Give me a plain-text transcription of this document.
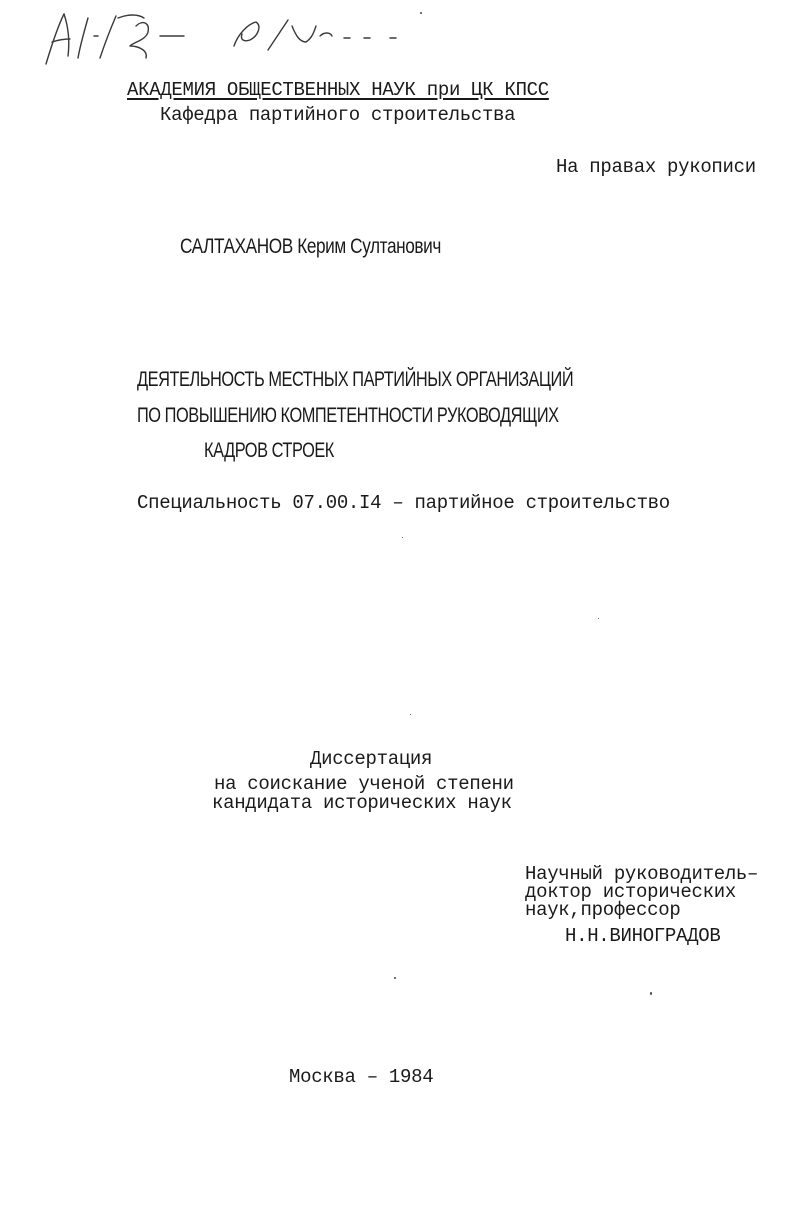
АКАДЕМИЯ ОБЩЕСТВЕННЫХ НАУК при ЦК КПСС
Кафедра партийного строительства
На правах рукописи
САЛТАХАНОВ Керим Султанович
ДЕЯТЕЛЬНОСТЬ МЕСТНЫХ ПАРТИЙНЫХ ОРГАНИЗАЦИЙ
ПО ПОВЫШЕНИЮ КОМПЕТЕНТНОСТИ РУКОВОДЯЩИХ
КАДРОВ СТРОЕК
Специальность 07.00.I4 – партийное строительство
Диссертация
на соискание ученой степени
кандидата исторических наук
Научный руководитель–
доктор исторических
наук,профессор
Н.Н.ВИНОГРАДОВ
Москва – 1984
